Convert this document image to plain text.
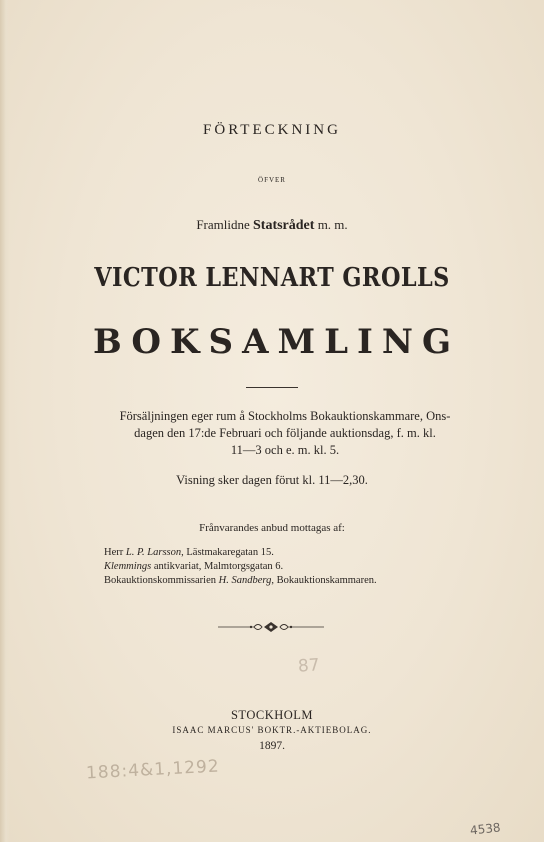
FÖRTECKNING
ÖFVER
Framlidne Statsrådet m. m.
VICTOR LENNART GROLLS
BOKSAMLING
Försäljningen eger rum å Stockholms Bokauktionskammare, Ons-
dagen den 17:de Februari och följande auktionsdag, f. m. kl.
11—3 och e. m. kl. 5.
Visning sker dagen förut kl. 11—2,30.
Frånvarandes anbud mottagas af:
Herr L. P. Larsson, Lästmakaregatan 15.
Klemmings antikvariat, Malmtorgsgatan 6.
Bokauktionskommissarien H. Sandberg, Bokauktionskammaren.
87
STOCKHOLM
ISAAC MARCUS' BOKTR.-AKTIEBOLAG.
1897.
188:4&1,1292
4538
